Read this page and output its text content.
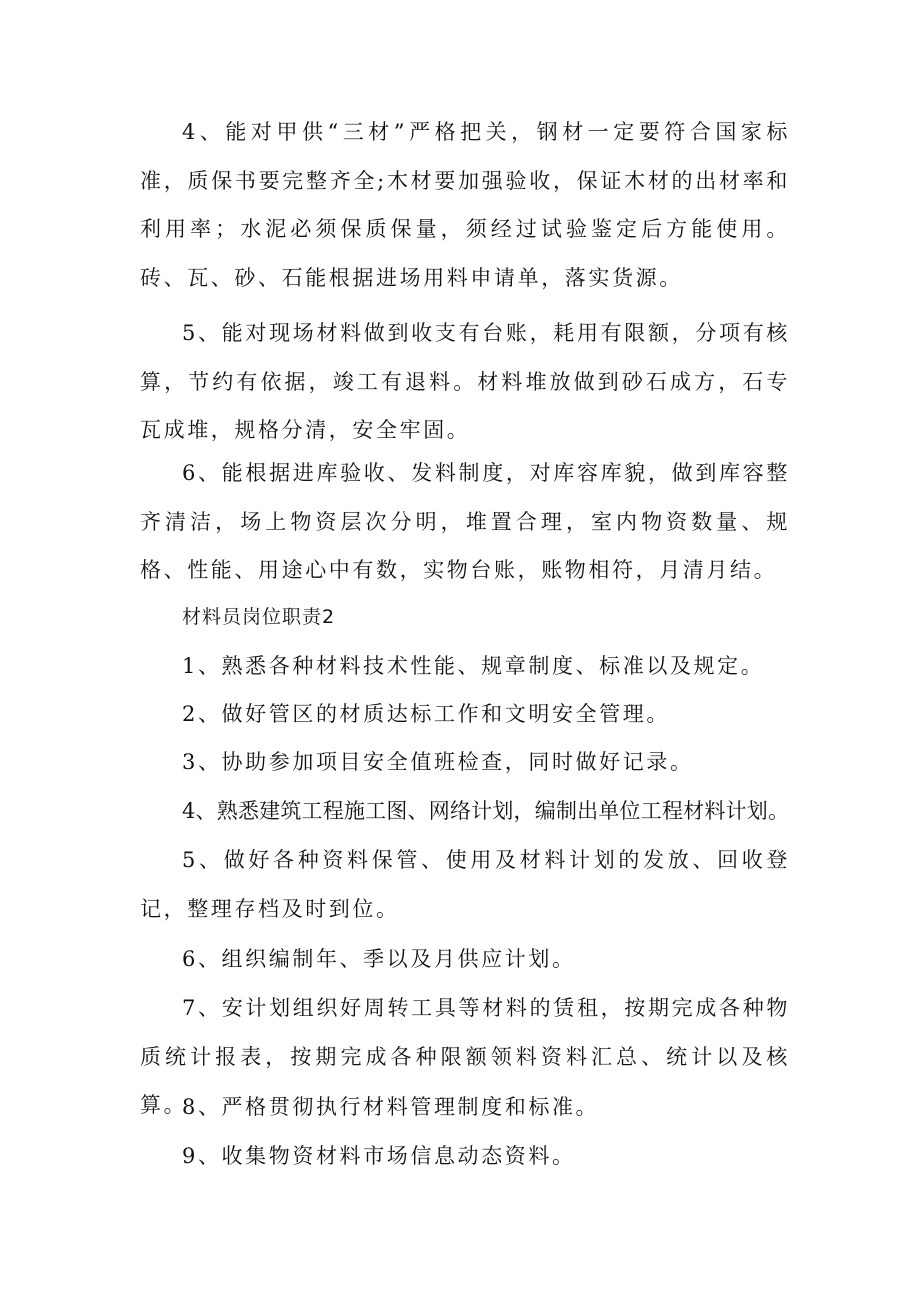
4、能对甲供“三材”严格把关，钢材一定要符合国家标准，质保书要完整齐全;木材要加强验收，保证木材的出材率和利用率；水泥必须保质保量，须经过试验鉴定后方能使用。砖、瓦、砂、石能根据进场用料申请单，落实货源。

5、能对现场材料做到收支有台账，耗用有限额，分项有核算，节约有依据，竣工有退料。材料堆放做到砂石成方，石专瓦成堆，规格分清，安全牢固。

6、能根据进库验收、发料制度，对库容库貌，做到库容整齐清洁，场上物资层次分明，堆置合理，室内物资数量、规格、性能、用途心中有数，实物台账，账物相符，月清月结。

材料员岗位职责2

1、熟悉各种材料技术性能、规章制度、标准以及规定。

2、做好管区的材质达标工作和文明安全管理。

3、协助参加项目安全值班检查，同时做好记录。

4、熟悉建筑工程施工图、网络计划，编制出单位工程材料计划。

5、做好各种资料保管、使用及材料计划的发放、回收登记，整理存档及时到位。

6、组织编制年、季以及月供应计划。

7、安计划组织好周转工具等材料的赁租，按期完成各种物质统计报表，按期完成各种限额领料资料汇总、统计以及核算。

8、严格贯彻执行材料管理制度和标准。

9、收集物资材料市场信息动态资料。
